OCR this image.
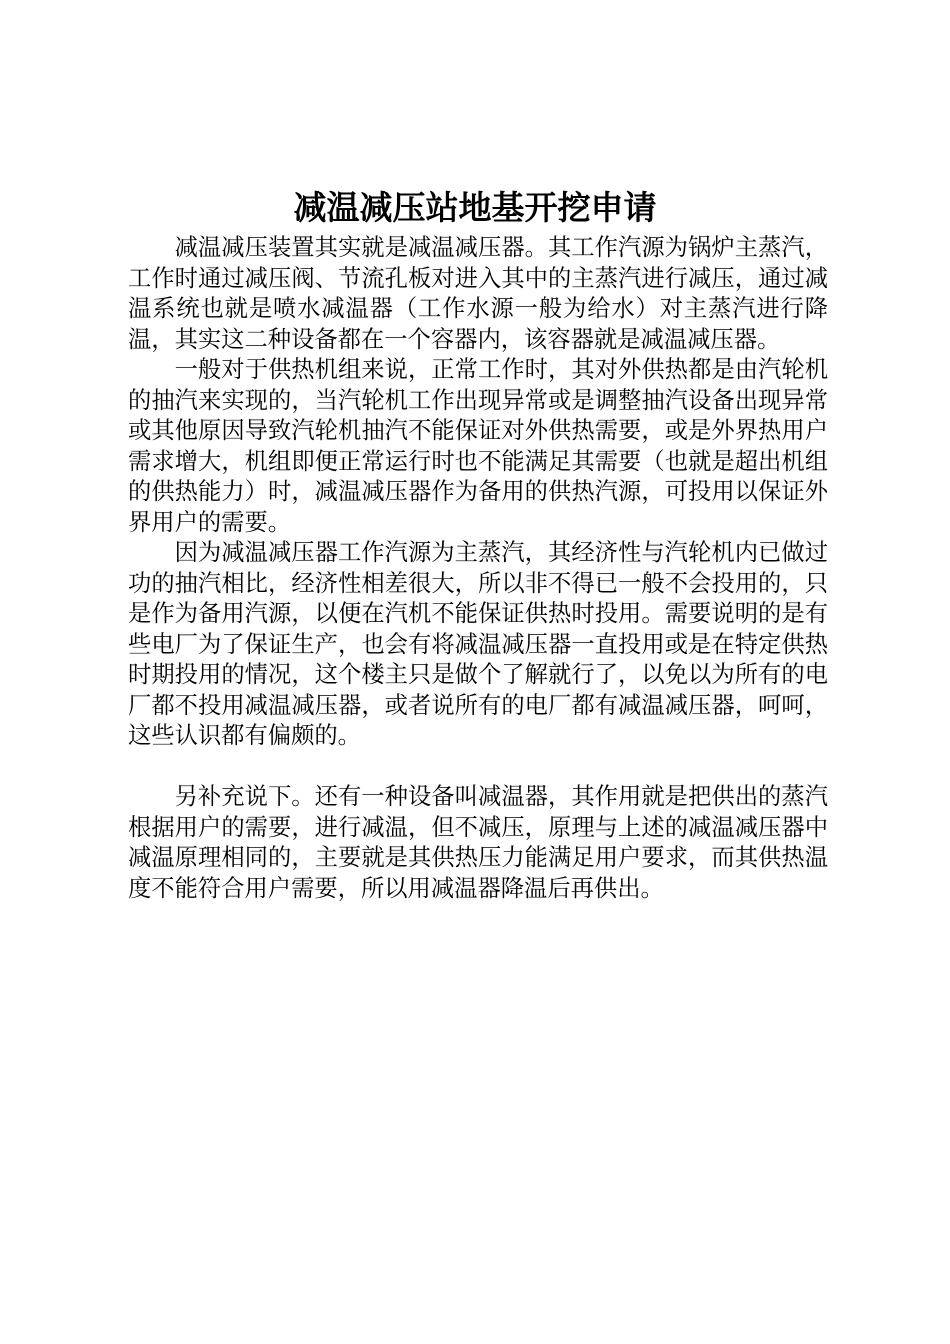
减温减压站地基开挖申请

减温减压装置其实就是减温减压器。其工作汽源为锅炉主蒸汽，工作时通过减压阀、节流孔板对进入其中的主蒸汽进行减压，通过减温系统也就是喷水减温器（工作水源一般为给水）对主蒸汽进行降温，其实这二种设备都在一个容器内，该容器就是减温减压器。

一般对于供热机组来说，正常工作时，其对外供热都是由汽轮机的抽汽来实现的，当汽轮机工作出现异常或是调整抽汽设备出现异常或其他原因导致汽轮机抽汽不能保证对外供热需要，或是外界热用户需求增大，机组即便正常运行时也不能满足其需要（也就是超出机组的供热能力）时，减温减压器作为备用的供热汽源，可投用以保证外界用户的需要。

因为减温减压器工作汽源为主蒸汽，其经济性与汽轮机内已做过功的抽汽相比，经济性相差很大，所以非不得已一般不会投用的，只是作为备用汽源，以便在汽机不能保证供热时投用。需要说明的是有些电厂为了保证生产，也会有将减温减压器一直投用或是在特定供热时期投用的情况，这个楼主只是做个了解就行了，以免以为所有的电厂都不投用减温减压器，或者说所有的电厂都有减温减压器，呵呵，这些认识都有偏颇的。

另补充说下。还有一种设备叫减温器，其作用就是把供出的蒸汽根据用户的需要，进行减温，但不减压，原理与上述的减温减压器中减温原理相同的，主要就是其供热压力能满足用户要求，而其供热温度不能符合用户需要，所以用减温器降温后再供出。
